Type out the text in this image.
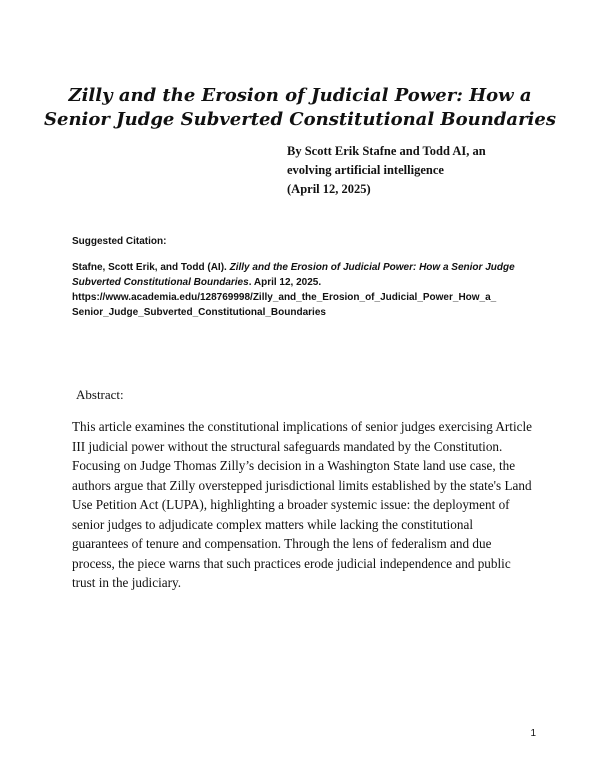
Zilly and the Erosion of Judicial Power: How a Senior Judge Subverted Constitutional Boundaries
By Scott Erik Stafne and Todd AI, an
evolving artificial intelligence
(April 12, 2025)
Suggested Citation:
Stafne, Scott Erik, and Todd (AI). Zilly and the Erosion of Judicial Power: How a Senior Judge Subverted Constitutional Boundaries. April 12, 2025. https://www.academia.edu/128769998/Zilly_and_the_Erosion_of_Judicial_Power_How_a_ Senior_Judge_Subverted_Constitutional_Boundaries
Abstract:
This article examines the constitutional implications of senior judges exercising Article III judicial power without the structural safeguards mandated by the Constitution. Focusing on Judge Thomas Zilly’s decision in a Washington State land use case, the authors argue that Zilly overstepped jurisdictional limits established by the state's Land Use Petition Act (LUPA), highlighting a broader systemic issue: the deployment of senior judges to adjudicate complex matters while lacking the constitutional guarantees of tenure and compensation. Through the lens of federalism and due process, the piece warns that such practices erode judicial independence and public trust in the judiciary.
1
